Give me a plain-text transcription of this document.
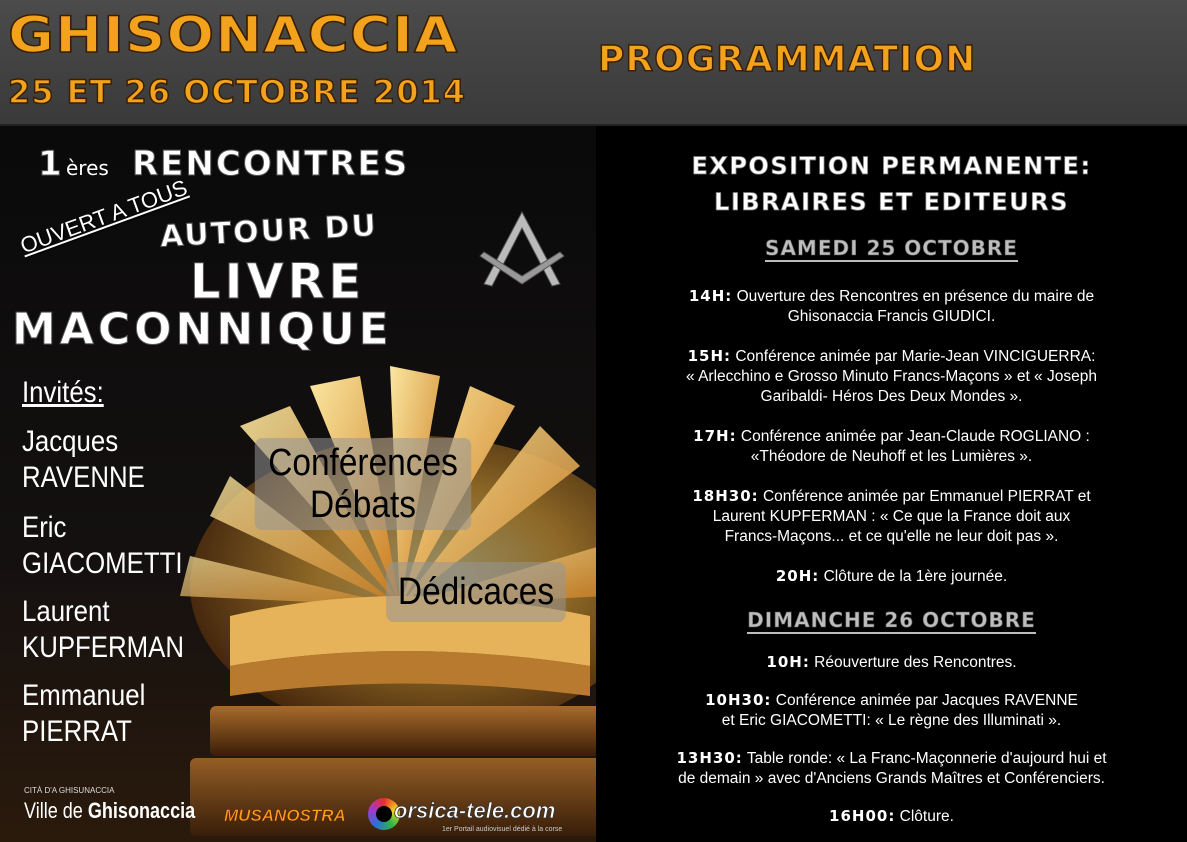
GHISONACCIA
25 ET 26 OCTOBRE 2014
PROGRAMMATION
1 ères RENCONTRES
OUVERT A TOUS
AUTOUR DU
LIVRE
MACONNIQUE
Invités:
Jacques
RAVENNE
Eric
GIACOMETTI
Laurent
KUPFERMAN
Emmanuel
PIERRAT
Conférences
Débats
Dédicaces
CITÀ D'A GHISUNACCIA
Ville de Ghisonaccia MUSANOSTRA orsica-tele.com
1er Portail audiovisuel dédié à la corse
EXPOSITION PERMANENTE:
LIBRAIRES ET EDITEURS
SAMEDI 25 OCTOBRE
14H: Ouverture des Rencontres en présence du maire de
Ghisonaccia Francis GIUDICI.
15H: Conférence animée par Marie-Jean VINCIGUERRA:
« Arlecchino e Grosso Minuto Francs-Maçons » et « Joseph
Garibaldi- Héros Des Deux Mondes ».
17H: Conférence animée par Jean-Claude ROGLIANO :
«Théodore de Neuhoff et les Lumières ».
18H30: Conférence animée par Emmanuel PIERRAT et
Laurent KUPFERMAN : « Ce que la France doit aux
Francs-Maçons... et ce qu'elle ne leur doit pas ».
20H: Clôture de la 1ère journée.
DIMANCHE 26 OCTOBRE
10H: Réouverture des Rencontres.
10H30: Conférence animée par Jacques RAVENNE
et Eric GIACOMETTI: « Le règne des Illuminati ».
13H30: Table ronde: « La Franc-Maçonnerie d'aujourd hui et
de demain » avec d'Anciens Grands Maîtres et Conférenciers.
16H00: Clôture.
